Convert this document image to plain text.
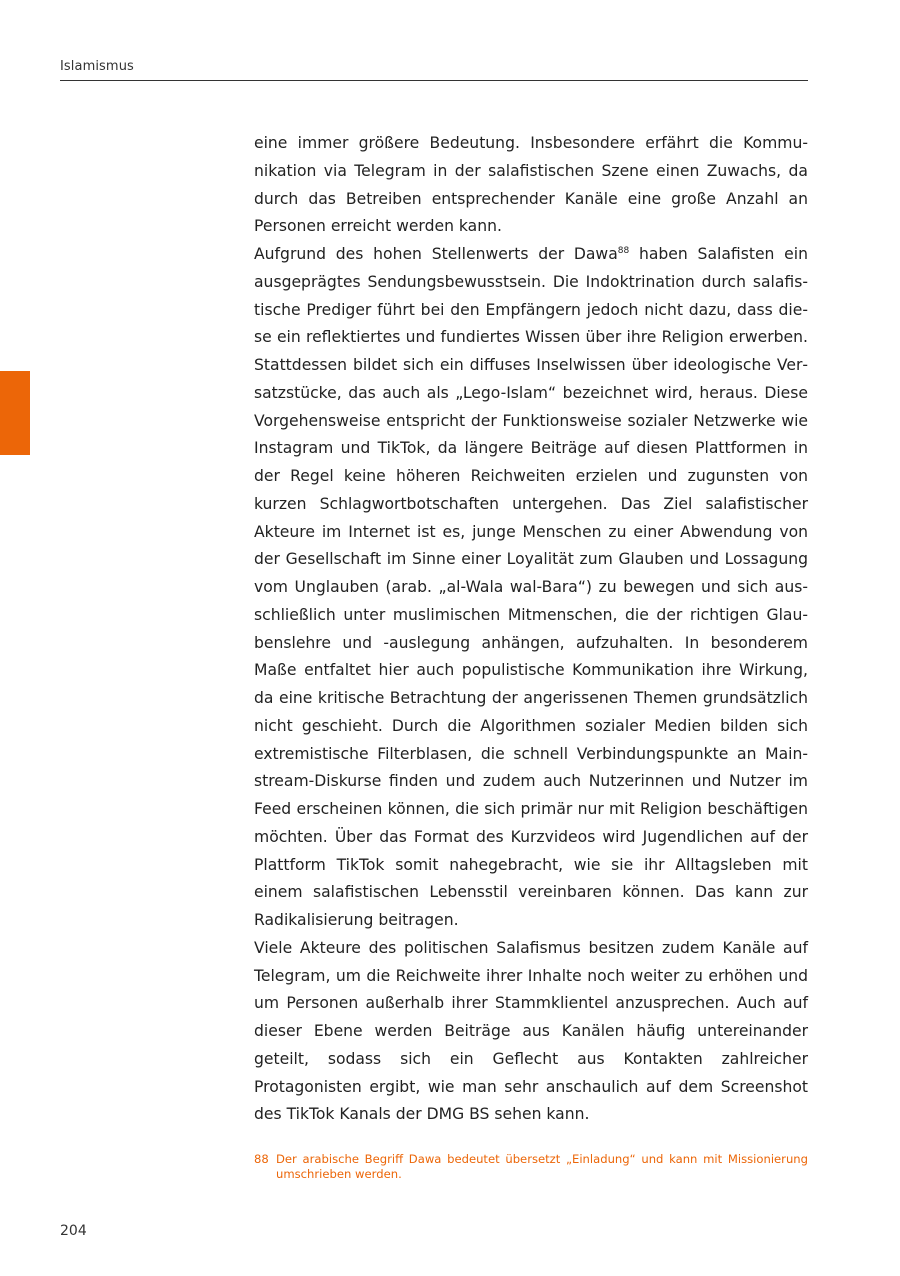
Islamismus

eine immer größere Bedeutung. Insbesondere erfährt die Kommunikation via Telegram in der salafistischen Szene einen Zuwachs, da durch das Betreiben entsprechender Kanäle eine große Anzahl an Personen erreicht werden kann.

Aufgrund des hohen Stellenwerts der Dawa$^{88}$ haben Salafisten ein ausgeprägtes Sendungsbewusstsein. Die Indoktrination durch salafistische Prediger führt bei den Empfängern jedoch nicht dazu, dass diese ein reflektiertes und fundiertes Wissen über ihre Religion erwerben. Stattdessen bildet sich ein diffuses Inselwissen über ideologische Versatzstücke, das auch als „Lego-Islam“ bezeichnet wird, heraus. Diese Vorgehensweise entspricht der Funktionsweise sozialer Netzwerke wie Instagram und TikTok, da längere Beiträge auf diesen Plattformen in der Regel keine höheren Reichweiten erzielen und zugunsten von kurzen Schlagwortbotschaften untergehen. Das Ziel salafistischer Akteure im Internet ist es, junge Menschen zu einer Abwendung von der Gesellschaft im Sinne einer Loyalität zum Glauben und Lossagung vom Unglauben (arab. „al-Wala wal-Bara“) zu bewegen und sich ausschließlich unter muslimischen Mitmenschen, die der richtigen Glaubenslehre und -auslegung anhängen, aufzuhalten. In besonderem Maße entfaltet hier auch populistische Kommunikation ihre Wirkung, da eine kritische Betrachtung der angerissenen Themen grundsätzlich nicht geschieht. Durch die Algorithmen sozialer Medien bilden sich extremistische Filterblasen, die schnell Verbindungspunkte an Mainstream-Diskurse finden und zudem auch Nutzerinnen und Nutzer im Feed erscheinen können, die sich primär nur mit Religion beschäftigen möchten. Über das Format des Kurzvideos wird Jugendlichen auf der Plattform TikTok somit nahegebracht, wie sie ihr Alltagsleben mit einem salafistischen Lebensstil vereinbaren können. Das kann zur Radikalisierung beitragen.

Viele Akteure des politischen Salafismus besitzen zudem Kanäle auf Telegram, um die Reichweite ihrer Inhalte noch weiter zu erhöhen und um Personen außerhalb ihrer Stammklientel anzusprechen. Auch auf dieser Ebene werden Beiträge aus Kanälen häufig untereinander geteilt, sodass sich ein Geflecht aus Kontakten zahlreicher Protagonisten ergibt, wie man sehr anschaulich auf dem Screenshot des TikTok Kanals der DMG BS sehen kann.

88 Der arabische Begriff Dawa bedeutet übersetzt „Einladung“ und kann mit Missionierung umschrieben werden.
204
